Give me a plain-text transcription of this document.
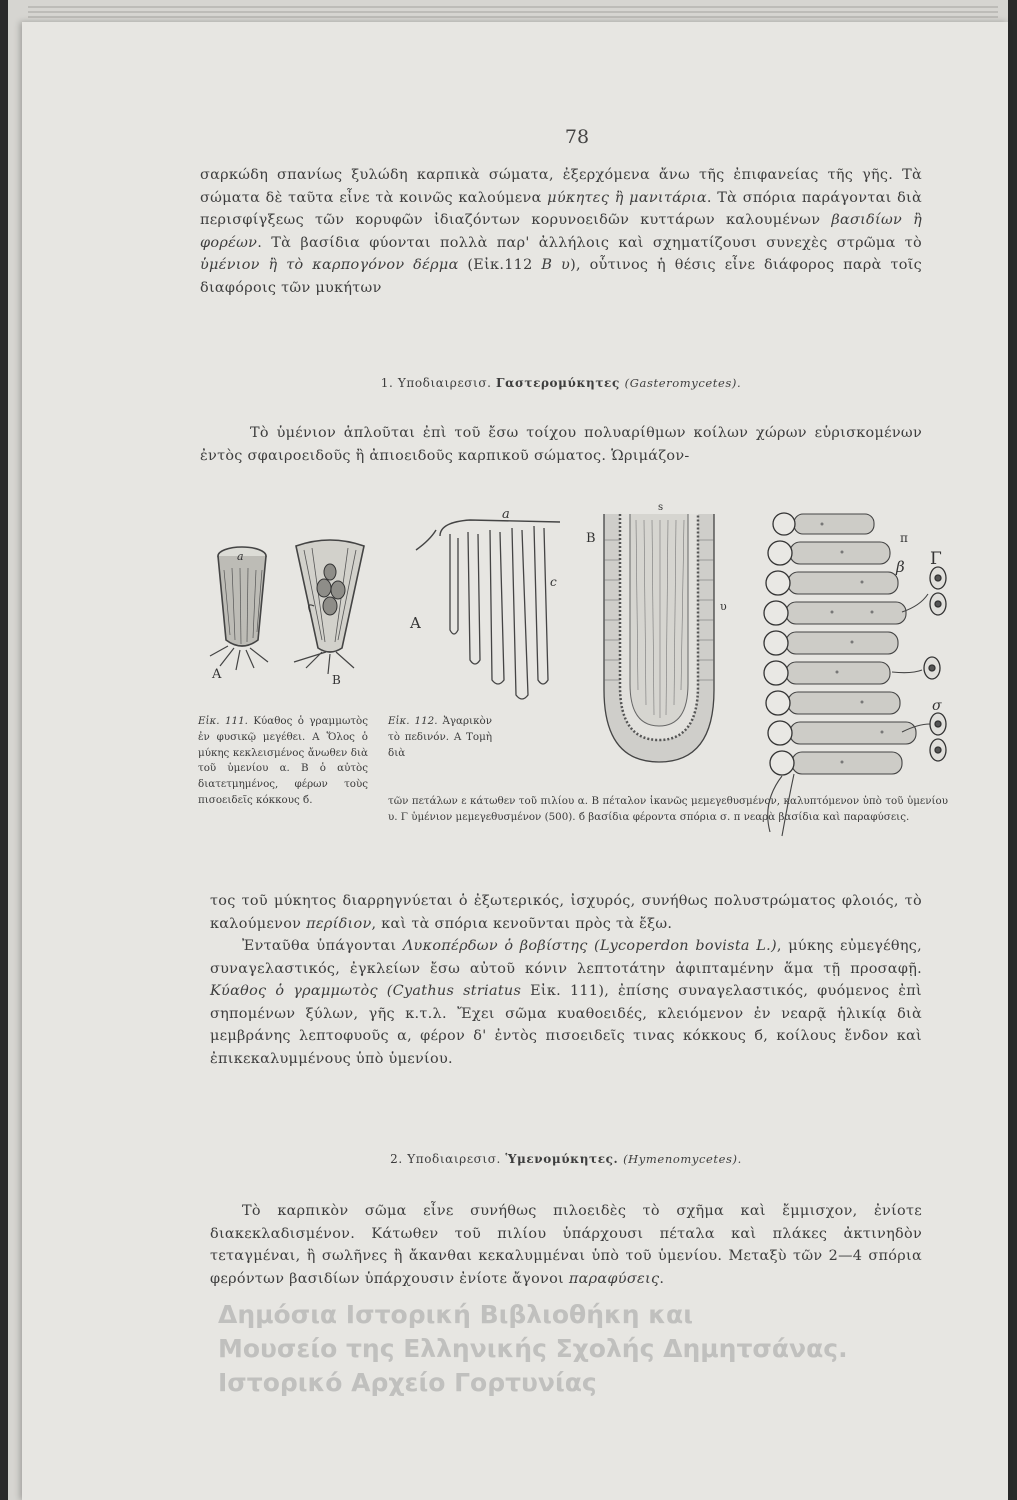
78

σαρκώδη σπανίως ξυλώδη καρπικὰ σώματα, ἐξερχόμενα ἄνω τῆς ἐπιφανείας τῆς γῆς. Τὰ σώματα δὲ ταῦτα εἶνε τὰ κοινῶς καλούμενα μύκητες ἢ μανιτάρια. Τὰ σπόρια παράγονται διὰ περισφίγξεως τῶν κορυφῶν ἰδιαζόντων κορυνοειδῶν κυττάρων καλουμένων βασιδίων ἢ φορέων. Τὰ βασίδια φύονται πολλὰ παρ' ἀλλήλοις καὶ σχηματίζουσι συνεχὲς στρῶμα τὸ ὑμένιον ἢ τὸ καρπογόνον δέρμα (Εἰκ.112 Β υ), οὗτινος ἡ θέσις εἶνε διάφορος παρὰ τοῖς διαφόροις τῶν μυκήτων

1. Υποδιαιρεσισ. Γαστερομύκητες (Gasteromycetes).

Τὸ ὑμένιον ἁπλοῦται ἐπὶ τοῦ ἔσω τοίχου πολυαρίθμων κοίλων χώρων εὑρισκομένων ἐντὸς σφαιροειδοῦς ἢ ἀπιοειδοῦς καρπικοῦ σώματος. Ὡριμάζον-

a
A	B
a
A
c
B
s
υ
π
β Γ
σ

Εἰκ. 111. Κύαθος ὁ γραμμωτὸς ἐν φυσικῷ μεγέθει. Α Ὅλος ὁ μύκης κεκλεισμένος ἄνωθεν διὰ τοῦ ὑμενίου α. Β ὁ αὐτὸς διατετμημένος, φέρων τοὺς πισοειδεῖς κόκκους б.

Εἰκ. 112. Ἀγαρικὸν τὸ πεδινόν. Α Τομὴ διὰ

τῶν πετάλων ε κάτωθεν τοῦ πιλίου α. Β πέταλον ἱκανῶς μεμεγεθυσμένον, καλυπτόμενον ὑπὸ τοῦ ὑμενίου υ. Γ ὑμένιον μεμεγεθυσμένον (500). б βασίδια φέροντα σπόρια σ. π νεαρὰ βασίδια καὶ παραφύσεις.

τος τοῦ μύκητος διαρρηγνύεται ὁ ἐξωτερικός, ἰσχυρός, συνήθως πολυστρώματος φλοιός, τὸ καλούμενον περίδιον, καὶ τὰ σπόρια κενοῦνται πρὸς τὰ ἔξω.

Ἐνταῦθα ὑπάγονται Λυκοπέρδων ὁ βοβίστης (Lycoperdon bovista L.), μύκης εὐμεγέθης, συναγελαστικός, ἐγκλείων ἔσω αὐτοῦ κόνιν λεπτοτάτην ἀφιπταμένην ἅμα τῇ προσαφῇ. Κύαθος ὁ γραμμωτὸς (Cyathus striatus Εἰκ. 111), ἐπίσης συναγελαστικός, φυόμενος ἐπὶ σηπομένων ξύλων, γῆς κ.τ.λ. Ἔχει σῶμα κυαθοειδές, κλειόμενον ἐν νεαρᾷ ἡλικίᾳ διὰ μεμβράνης λεπτοφυοῦς α, φέρον δ' ἐντὸς πισοειδεῖς τινας κόκκους б, κοίλους ἔνδον καὶ ἐπικεκαλυμμένους ὑπὸ ὑμενίου.

2. Υποδιαιρεσισ. Ὑμενομύκητες. (Hymenomycetes).

Τὸ καρπικὸν σῶμα εἶνε συνήθως πιλοειδὲς τὸ σχῆμα καὶ ἔμμισχον, ἐνίοτε διακεκλαδισμένον. Κάτωθεν τοῦ πιλίου ὑπάρχουσι πέταλα καὶ πλάκες ἀκτινηδὸν τεταγμέναι, ἢ σωλῆνες ἢ ἄκανθαι κεκαλυμμέναι ὑπὸ τοῦ ὑμενίου. Μεταξὺ τῶν 2—4 σπόρια φερόντων βασιδίων ὑπάρχουσιν ἐνίοτε ἄγονοι παραφύσεις.

Δημόσια Ιστορική Βιβλιοθήκη και
Μουσείο της Ελληνικής Σχολής Δημητσάνας.
Ιστορικό Αρχείο Γορτυνίας
